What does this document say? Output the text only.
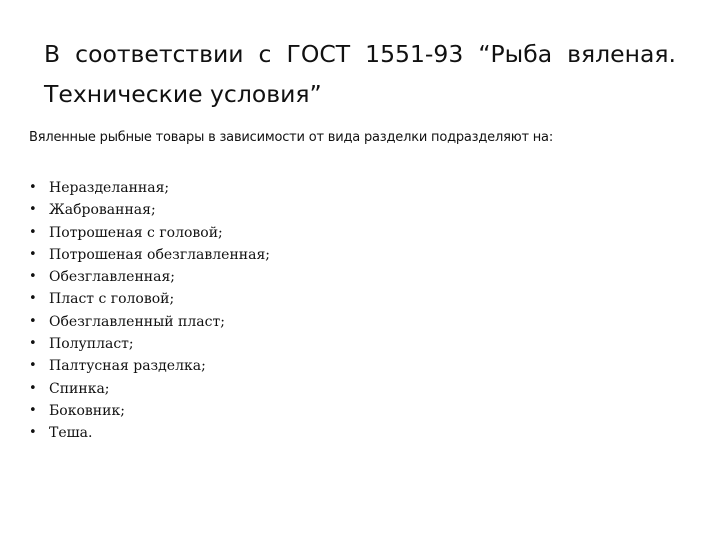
В соответствии с ГОСТ 1551-93 “Рыба вяленая.
Технические условия”

Вяленные рыбные товары в зависимости от вида разделки подразделяют на:

• Неразделанная;
• Жаброванная;
• Потрошеная с головой;
• Потрошеная обезглавленная;
• Обезглавленная;
• Пласт с головой;
• Обезглавленный пласт;
• Полупласт;
• Палтусная разделка;
• Спинка;
• Боковник;
• Теша.
